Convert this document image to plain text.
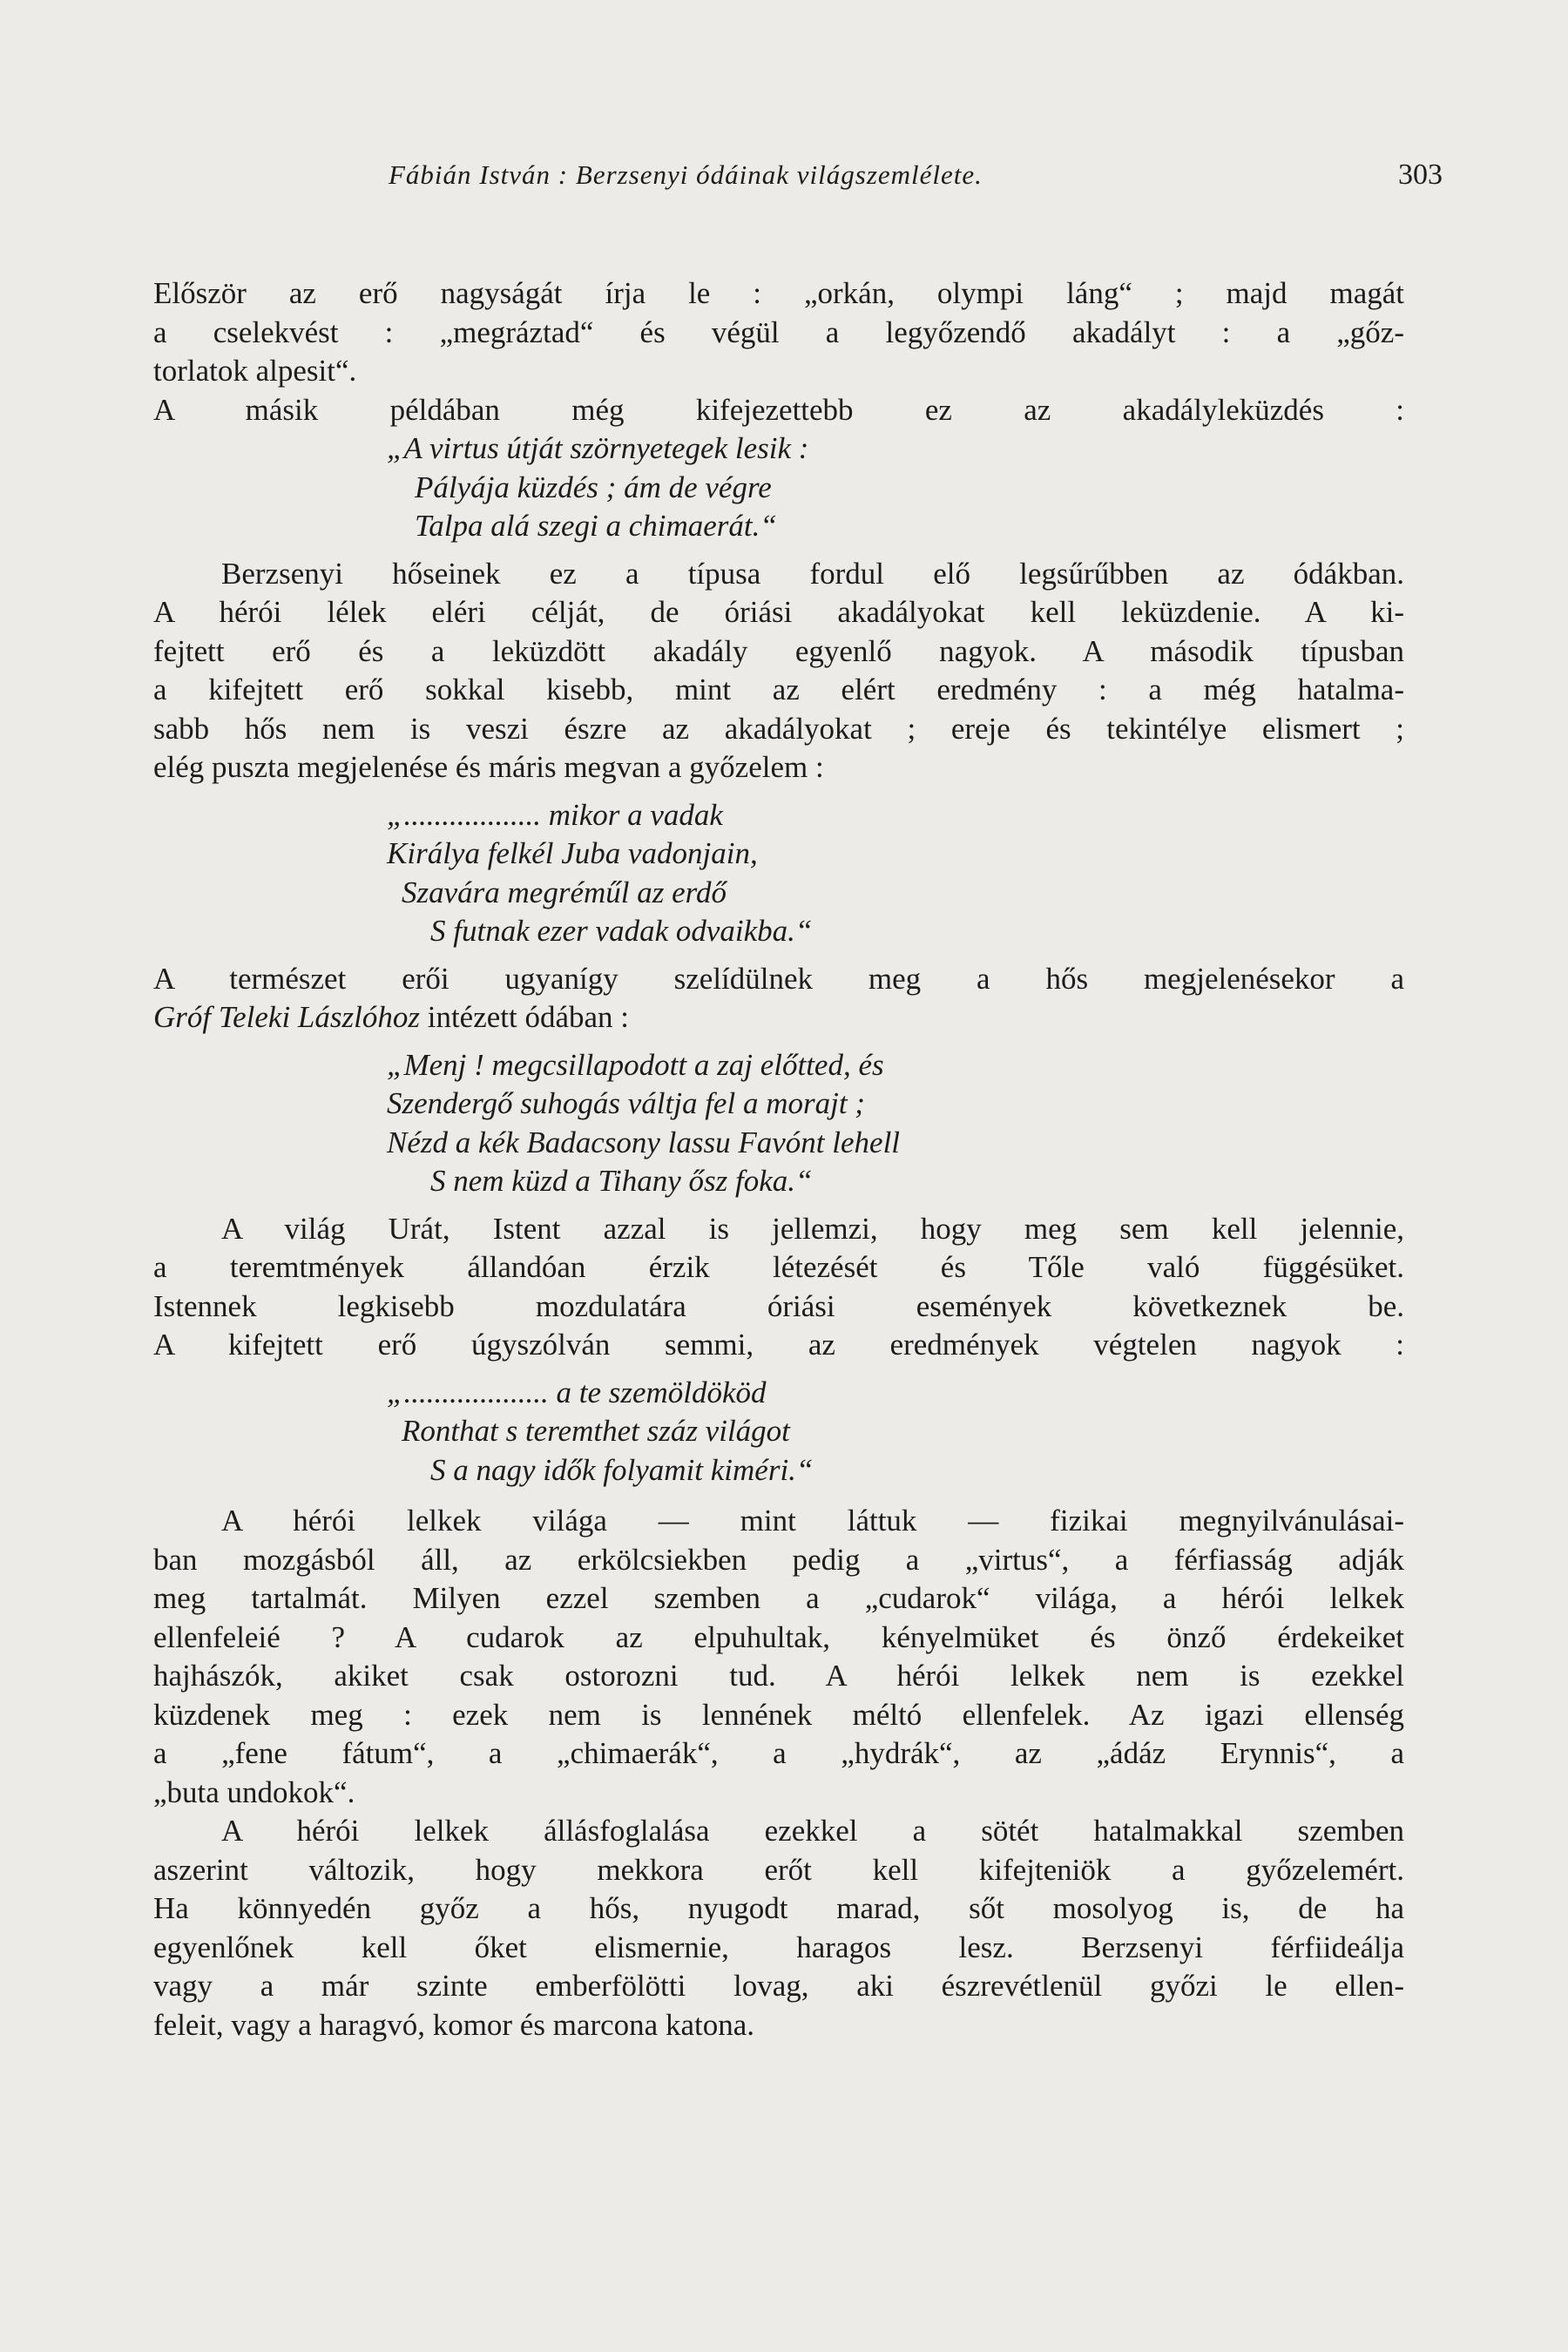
Fábián István : Berzsenyi ódáinak világszemlélete.	303
Először az erő nagyságát írja le : „orkán, olympi láng“ ; majd magát
a cselekvést : „megráztad“ és végül a legyőzendő akadályt : a „gőz-
torlatok alpesit“.
A másik példában még kifejezettebb ez az akadályleküzdés :
„A virtus útját szörnyetegek lesik :
Pályája küzdés ; ám de végre
Talpa alá szegi a chimaerát.“
Berzsenyi hőseinek ez a típusa fordul elő legsűrűbben az ódákban.
A hérói lélek eléri célját, de óriási akadályokat kell leküzdenie. A ki-
fejtett erő és a leküzdött akadály egyenlő nagyok. A második típusban
a kifejtett erő sokkal kisebb, mint az elért eredmény : a még hatalma-
sabb hős nem is veszi észre az akadályokat ; ereje és tekintélye elismert ;
elég puszta megjelenése és máris megvan a győzelem :
„.................. mikor a vadak
Királya felkél Juba vadonjain,
Szavára megréműl az erdő
S futnak ezer vadak odvaikba.“
A természet erői ugyanígy szelídülnek meg a hős megjelenésekor a
Gróf Teleki Lászlóhoz intézett ódában :
„Menj ! megcsillapodott a zaj előtted, és
Szendergő suhogás váltja fel a morajt ;
Nézd a kék Badacsony lassu Favónt lehell
S nem küzd a Tihany ősz foka.“
A világ Urát, Istent azzal is jellemzi, hogy meg sem kell jelennie,
a teremtmények állandóan érzik létezését és Tőle való függésüket.
Istennek legkisebb mozdulatára óriási események következnek be.
A kifejtett erő úgyszólván semmi, az eredmények végtelen nagyok :
„................... a te szemöldököd
Ronthat s teremthet száz világot
S a nagy idők folyamit kiméri.“
A hérói lelkek világa — mint láttuk — fizikai megnyilvánulásai-
ban mozgásból áll, az erkölcsiekben pedig a „virtus“, a férfiasság adják
meg tartalmát. Milyen ezzel szemben a „cudarok“ világa, a hérói lelkek
ellenfeleié ? A cudarok az elpuhultak, kényelmüket és önző érdekeiket
hajhászók, akiket csak ostorozni tud. A hérói lelkek nem is ezekkel
küzdenek meg : ezek nem is lennének méltó ellenfelek. Az igazi ellenség
a „fene fátum“, a „chimaerák“, a „hydrák“, az „ádáz Erynnis“, a
„buta undokok“.
A hérói lelkek állásfoglalása ezekkel a sötét hatalmakkal szemben
aszerint változik, hogy mekkora erőt kell kifejteniök a győzelemért.
Ha könnyedén győz a hős, nyugodt marad, sőt mosolyog is, de ha
egyenlőnek kell őket elismernie, haragos lesz. Berzsenyi férfiideálja
vagy a már szinte emberfölötti lovag, aki észrevétlenül győzi le ellen-
feleit, vagy a haragvó, komor és marcona katona.
